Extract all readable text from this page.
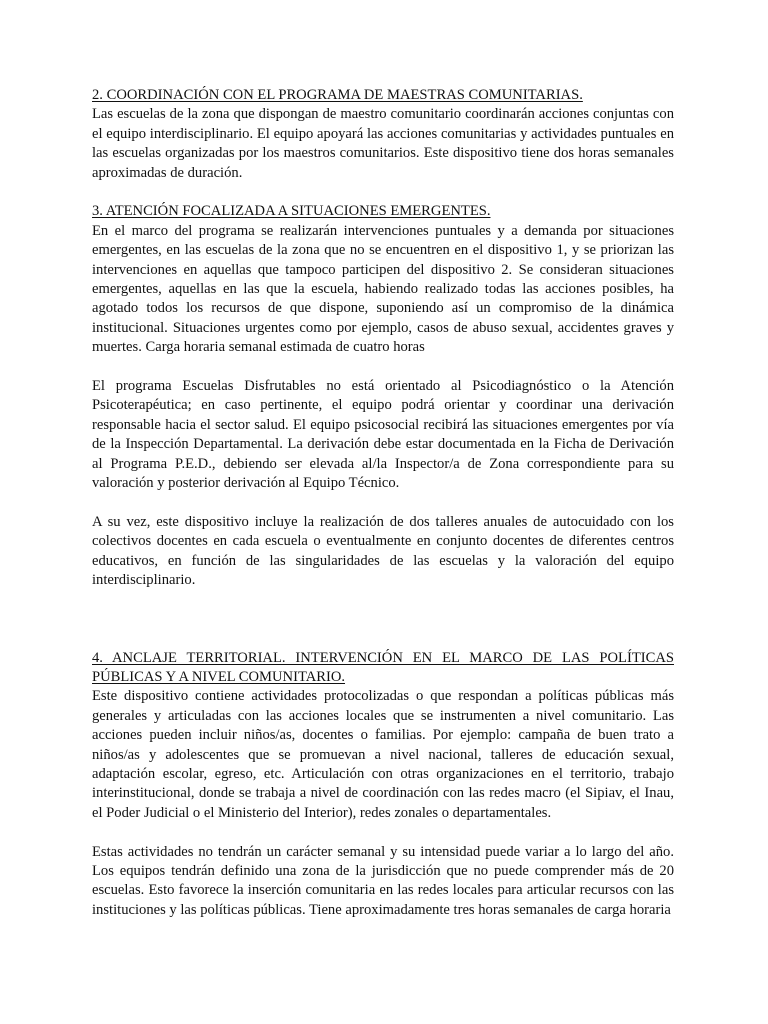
2. COORDINACIÓN CON EL PROGRAMA DE MAESTRAS COMUNITARIAS.

Las escuelas de la zona que dispongan de maestro comunitario coordinarán acciones conjuntas con el equipo interdisciplinario. El equipo apoyará las acciones comunitarias y actividades puntuales en las escuelas organizadas por los maestros comunitarios. Este dispositivo tiene dos horas semanales aproximadas de duración.

3. ATENCIÓN FOCALIZADA A SITUACIONES EMERGENTES.

En el marco del programa se realizarán intervenciones puntuales y a demanda por situaciones emergentes, en las escuelas de la zona que no se encuentren en el dispositivo 1, y se priorizan las intervenciones en aquellas que tampoco participen del dispositivo 2. Se consideran situaciones emergentes, aquellas en las que la escuela, habiendo realizado todas las acciones posibles, ha agotado todos los recursos de que dispone, suponiendo así un compromiso de la dinámica institucional. Situaciones urgentes como por ejemplo, casos de abuso sexual, accidentes graves y muertes. Carga horaria semanal estimada de cuatro horas

El programa Escuelas Disfrutables no está orientado al Psicodiagnóstico o la Atención Psicoterapéutica; en caso pertinente, el equipo podrá orientar y coordinar una derivación responsable hacia el sector salud. El equipo psicosocial recibirá las situaciones emergentes por vía de la Inspección Departamental. La derivación debe estar documentada en la Ficha de Derivación al Programa P.E.D., debiendo ser elevada al/la Inspector/a de Zona correspondiente para su valoración y posterior derivación al Equipo Técnico.

A su vez, este dispositivo incluye la realización de dos talleres anuales de autocuidado con los colectivos docentes en cada escuela o eventualmente en conjunto docentes de diferentes centros educativos, en función de las singularidades de las escuelas y la valoración del equipo interdisciplinario.

4. ANCLAJE TERRITORIAL. INTERVENCIÓN EN EL MARCO DE LAS POLÍTICAS PÚBLICAS Y A NIVEL COMUNITARIO.

Este dispositivo contiene actividades protocolizadas o que respondan a políticas públicas más generales y articuladas con las acciones locales que se instrumenten a nivel comunitario. Las acciones pueden incluir niños/as, docentes o familias. Por ejemplo: campaña de buen trato a niños/as y adolescentes que se promuevan a nivel nacional, talleres de educación sexual, adaptación escolar, egreso, etc. Articulación con otras organizaciones en el territorio, trabajo interinstitucional, donde se trabaja a nivel de coordinación con las redes macro (el Sipiav, el Inau, el Poder Judicial o el Ministerio del Interior), redes zonales o departamentales.

Estas actividades no tendrán un carácter semanal y su intensidad puede variar a lo largo del año. Los equipos tendrán definido una zona de la jurisdicción que no puede comprender más de 20 escuelas. Esto favorece la inserción comunitaria en las redes locales para articular recursos con las instituciones y las políticas públicas. Tiene aproximadamente tres horas semanales de carga horaria
